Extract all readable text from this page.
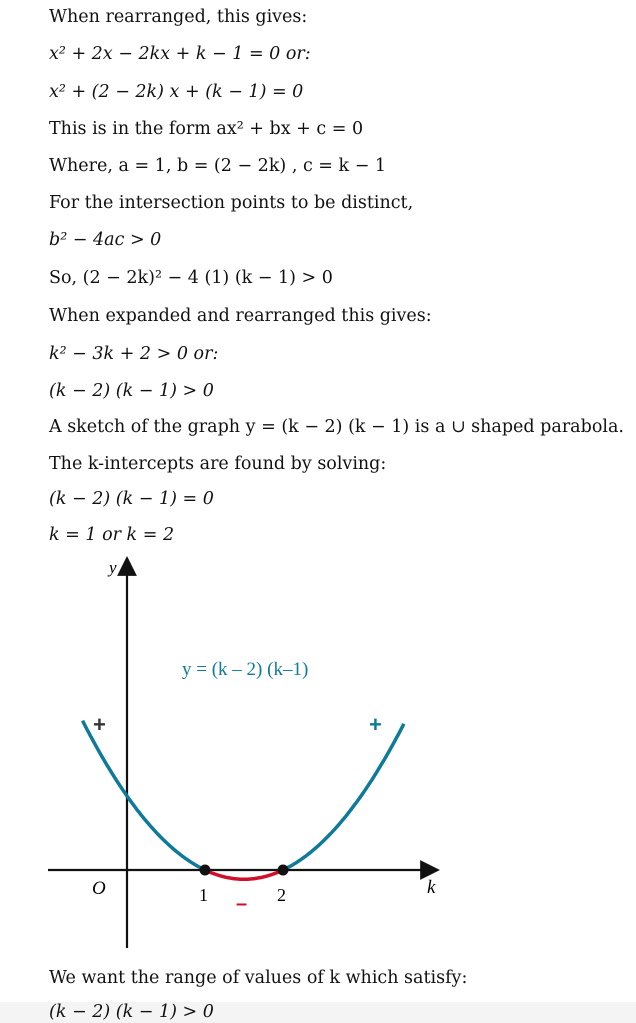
When rearranged, this gives:
x² + 2x − 2kx + k − 1 = 0 or:
x² + (2 − 2k) x + (k − 1) = 0
This is in the form ax² + bx + c = 0
Where, a = 1, b = (2 − 2k) , c = k − 1
For the intersection points to be distinct,
b² − 4ac > 0
So, (2 − 2k)² − 4 (1) (k − 1) > 0
When expanded and rearranged this gives:
k² − 3k + 2 > 0 or:
(k − 2) (k − 1) > 0
A sketch of the graph y = (k − 2) (k − 1) is a ∪ shaped parabola.
The k-intercepts are found by solving:
(k − 2) (k − 1) = 0
k = 1 or k = 2
y
k
O	1	2
y = (k – 2) (k–1)
+	+
–
We want the range of values of k which satisfy:
(k − 2) (k − 1) > 0
